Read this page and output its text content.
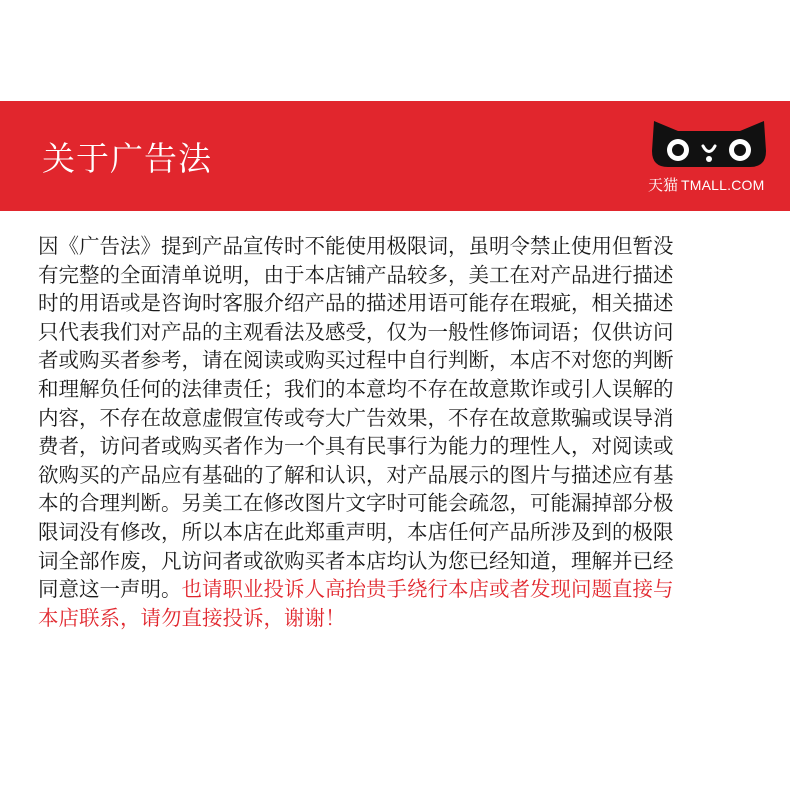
关于广告法
天猫 TMALL.COM
因《广告法》提到产品宣传时不能使用极限词，虽明令禁止使用但暂没
有完整的全面清单说明，由于本店铺产品较多，美工在对产品进行描述
时的用语或是咨询时客服介绍产品的描述用语可能存在瑕疵，相关描述
只代表我们对产品的主观看法及感受，仅为一般性修饰词语；仅供访问
者或购买者参考，请在阅读或购买过程中自行判断，本店不对您的判断
和理解负任何的法律责任；我们的本意均不存在故意欺诈或引人误解的
内容，不存在故意虚假宣传或夸大广告效果，不存在故意欺骗或误导消
费者，访问者或购买者作为一个具有民事行为能力的理性人，对阅读或
欲购买的产品应有基础的了解和认识，对产品展示的图片与描述应有基
本的合理判断。另美工在修改图片文字时可能会疏忽，可能漏掉部分极
限词没有修改，所以本店在此郑重声明，本店任何产品所涉及到的极限
词全部作废，凡访问者或欲购买者本店均认为您已经知道，理解并已经
同意这一声明。也请职业投诉人高抬贵手绕行本店或者发现问题直接与
本店联系，请勿直接投诉，谢谢！
